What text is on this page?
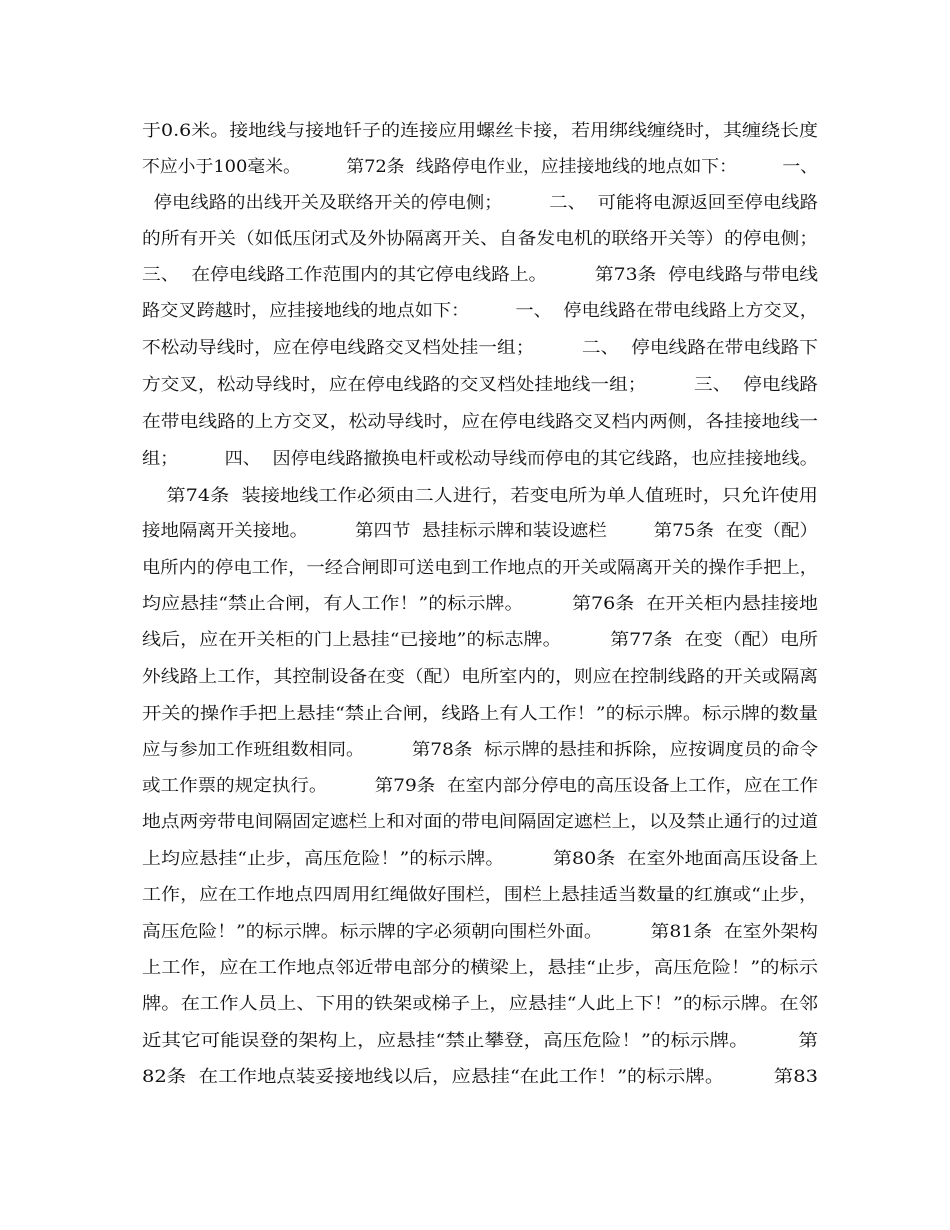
于0.6米。接地线与接地钎子的连接应用螺丝卡接，若用绑线缠绕时，其缠绕长度

不应小于100毫米。        第72条  线路停电作业，应挂接地线的地点如下：        一、

停电线路的出线开关及联络开关的停电侧；        二、  可能将电源返回至停电线路

的所有开关（如低压闭式及外协隔离开关、自备发电机的联络开关等）的停电侧；

三、  在停电线路工作范围内的其它停电线路上。        第73条  停电线路与带电线

路交叉跨越时，应挂接地线的地点如下：        一、  停电线路在带电线路上方交叉，

不松动导线时，应在停电线路交叉档处挂一组；        二、  停电线路在带电线路下

方交叉，松动导线时，应在停电线路的交叉档处挂地线一组；        三、  停电线路

在带电线路的上方交叉，松动导线时，应在停电线路交叉档内两侧，各挂接地线一

组；        四、  因停电线路撤换电杆或松动导线而停电的其它线路，也应挂接地线。

第74条  装接地线工作必须由二人进行，若变电所为单人值班时，只允许使用

接地隔离开关接地。        第四节  悬挂标示牌和装设遮栏        第75条  在变（配）

电所内的停电工作，一经合闸即可送电到工作地点的开关或隔离开关的操作手把上，

均应悬挂“禁止合闸，有人工作！”的标示牌。        第76条  在开关柜内悬挂接地

线后，应在开关柜的门上悬挂“已接地”的标志牌。        第77条  在变（配）电所

外线路上工作，其控制设备在变（配）电所室内的，则应在控制线路的开关或隔离

开关的操作手把上悬挂“禁止合闸，线路上有人工作！”的标示牌。标示牌的数量

应与参加工作班组数相同。        第78条  标示牌的悬挂和拆除，应按调度员的命令

或工作票的规定执行。        第79条  在室内部分停电的高压设备上工作，应在工作

地点两旁带电间隔固定遮栏上和对面的带电间隔固定遮栏上，以及禁止通行的过道

上均应悬挂“止步，高压危险！”的标示牌。        第80条  在室外地面高压设备上

工作，应在工作地点四周用红绳做好围栏，围栏上悬挂适当数量的红旗或“止步，

高压危险！”的标示牌。标示牌的字必须朝向围栏外面。        第81条  在室外架构

上工作，应在工作地点邻近带电部分的横梁上，悬挂“止步，高压危险！”的标示

牌。在工作人员上、下用的铁架或梯子上，应悬挂“人此上下！”的标示牌。在邻

近其它可能误登的架构上，应悬挂“禁止攀登，高压危险！”的标示牌。        第

82条  在工作地点装妥接地线以后，应悬挂“在此工作！”的标示牌。        第83
